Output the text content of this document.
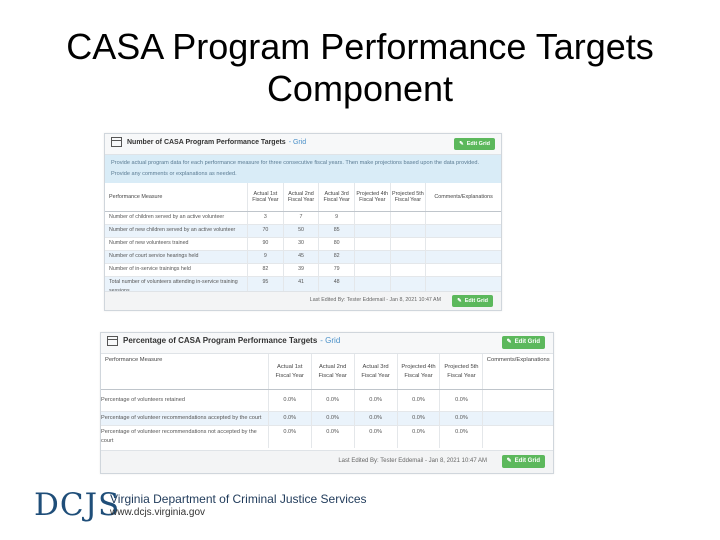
CASA Program Performance Targets
Component
Number of CASA Program Performance Targets - Grid	✎ Edit Grid
Provide actual program data for each performance measure for three consecutive fiscal years. Then make projections based upon the data provided.
Provide any comments or explanations as needed.
Performance Measure	Actual 1st Fiscal Year	Actual 2nd Fiscal Year	Actual 3rd Fiscal Year	Projected 4th Fiscal Year	Projected 5th Fiscal Year	Comments/Explanations
Number of children served by an active volunteer	3	7	9			
Number of new children served by an active volunteer	70	50	85			
Number of new volunteers trained	90	30	80			
Number of court service hearings held	9	45	82			
Number of in-service trainings held	82	39	79			
Total number of volunteers attending in-service training	95	41	48			
Last Edited By: Tester Eddemail - Jan 8, 2021 10:47 AM	✎ Edit Grid
Percentage of CASA Program Performance Targets - Grid	✎ Edit Grid
Performance Measure	Actual 1st Fiscal Year	Actual 2nd Fiscal Year	Actual 3rd Fiscal Year	Projected 4th Fiscal Year	Projected 5th Fiscal Year	Comments/Explanations
Percentage of volunteers retained	0.0%	0.0%	0.0%	0.0%	0.0%	
Percentage of volunteer recommendations accepted by the court	0.0%	0.0%	0.0%	0.0%	0.0%	
Percentage of volunteer recommendations not accepted by the court	0.0%	0.0%	0.0%	0.0%	0.0%	
Last Edited By: Tester Eddemail - Jan 8, 2021 10:47 AM	✎ Edit Grid
DCJS
Virginia Department of Criminal Justice Services
www.dcjs.virginia.gov
